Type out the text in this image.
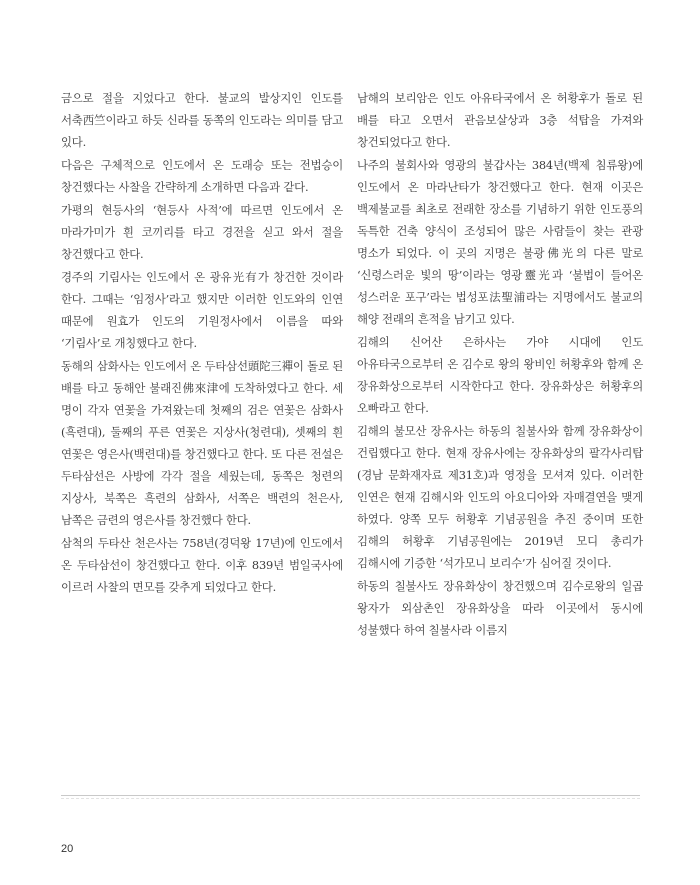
금으로 절을 지었다고 한다. 불교의 발상지인 인도를 서축西竺이라고 하듯 신라를 동쪽의 인도라는 의미를 담고 있다.

다음은 구체적으로 인도에서 온 도래승 또는 전법승이 창건했다는 사찰을 간략하게 소개하면 다음과 같다.

가평의 현등사의 ‘현등사 사적’에 따르면 인도에서 온 마라가미가 흰 코끼리를 타고 경전을 싣고 와서 절을 창건했다고 한다.

경주의 기림사는 인도에서 온 광유光有가 창건한 것이라 한다. 그때는 ‘임정사’라고 했지만 이러한 인도와의 인연 때문에 원효가 인도의 기원정사에서 이름을 따와 ‘기림사’로 개칭했다고 한다.

동해의 삼화사는 인도에서 온 두타삼선頭陀三禪이 돌로 된 배를 타고 동해안 불래진佛來津에 도착하였다고 한다. 세 명이 각자 연꽃을 가져왔는데 첫째의 검은 연꽃은 삼화사(흑련대), 둘째의 푸른 연꽃은 지상사(청련대), 셋째의 흰 연꽃은 영은사(백련대)를 창건했다고 한다. 또 다른 전설은 두타삼선은 사방에 각각 절을 세웠는데, 동쪽은 청련의 지상사, 북쪽은 흑련의 삼화사, 서쪽은 백련의 천은사, 남쪽은 금련의 영은사를 창건했다 한다.

삼척의 두타산 천은사는 758년(경덕왕 17년)에 인도에서 온 두타삼선이 창건했다고 한다. 이후 839년 범일국사에 이르러 사찰의 면모를 갖추게 되었다고 한다.

남해의 보리암은 인도 아유타국에서 온 허황후가 돌로 된 배를 타고 오면서 관음보살상과 3층 석탑을 가져와 창건되었다고 한다.

나주의 불회사와 영광의 불갑사는 384년(백제 침류왕)에 인도에서 온 마라난타가 창건했다고 한다. 현재 이곳은 백제불교를 최초로 전래한 장소를 기념하기 위한 인도풍의 독특한 건축 양식이 조성되어 많은 사람들이 찾는 관광 명소가 되었다. 이 곳의 지명은 불광佛光의 다른 말로 ‘신령스러운 빛의 땅’이라는 영광靈光과 ‘불법이 들어온 성스러운 포구’라는 법성포法聖浦라는 지명에서도 불교의 해양 전래의 흔적을 남기고 있다.

김해의 신어산 은하사는 가야 시대에 인도 아유타국으로부터 온 김수로 왕의 왕비인 허황후와 함께 온 장유화상으로부터 시작한다고 한다. 장유화상은 허황후의 오빠라고 한다.

김해의 불모산 장유사는 하동의 칠불사와 함께 장유화상이 건립했다고 한다. 현재 장유사에는 장유화상의 팔각사리탑(경남 문화재자료 제31호)과 영정을 모셔져 있다. 이러한 인연은 현재 김해시와 인도의 아요디아와 자매결연을 맺게 하였다. 양쪽 모두 허황후 기념공원을 추진 중이며 또한 김해의 허황후 기념공원에는 2019년 모디 총리가 김해시에 기증한 ‘석가모니 보리수’가 심어질 것이다.

하동의 칠불사도 장유화상이 창건했으며 김수로왕의 일곱 왕자가 외삼촌인 장유화상을 따라 이곳에서 동시에 성불했다 하여 칠불사라 이름지

20
